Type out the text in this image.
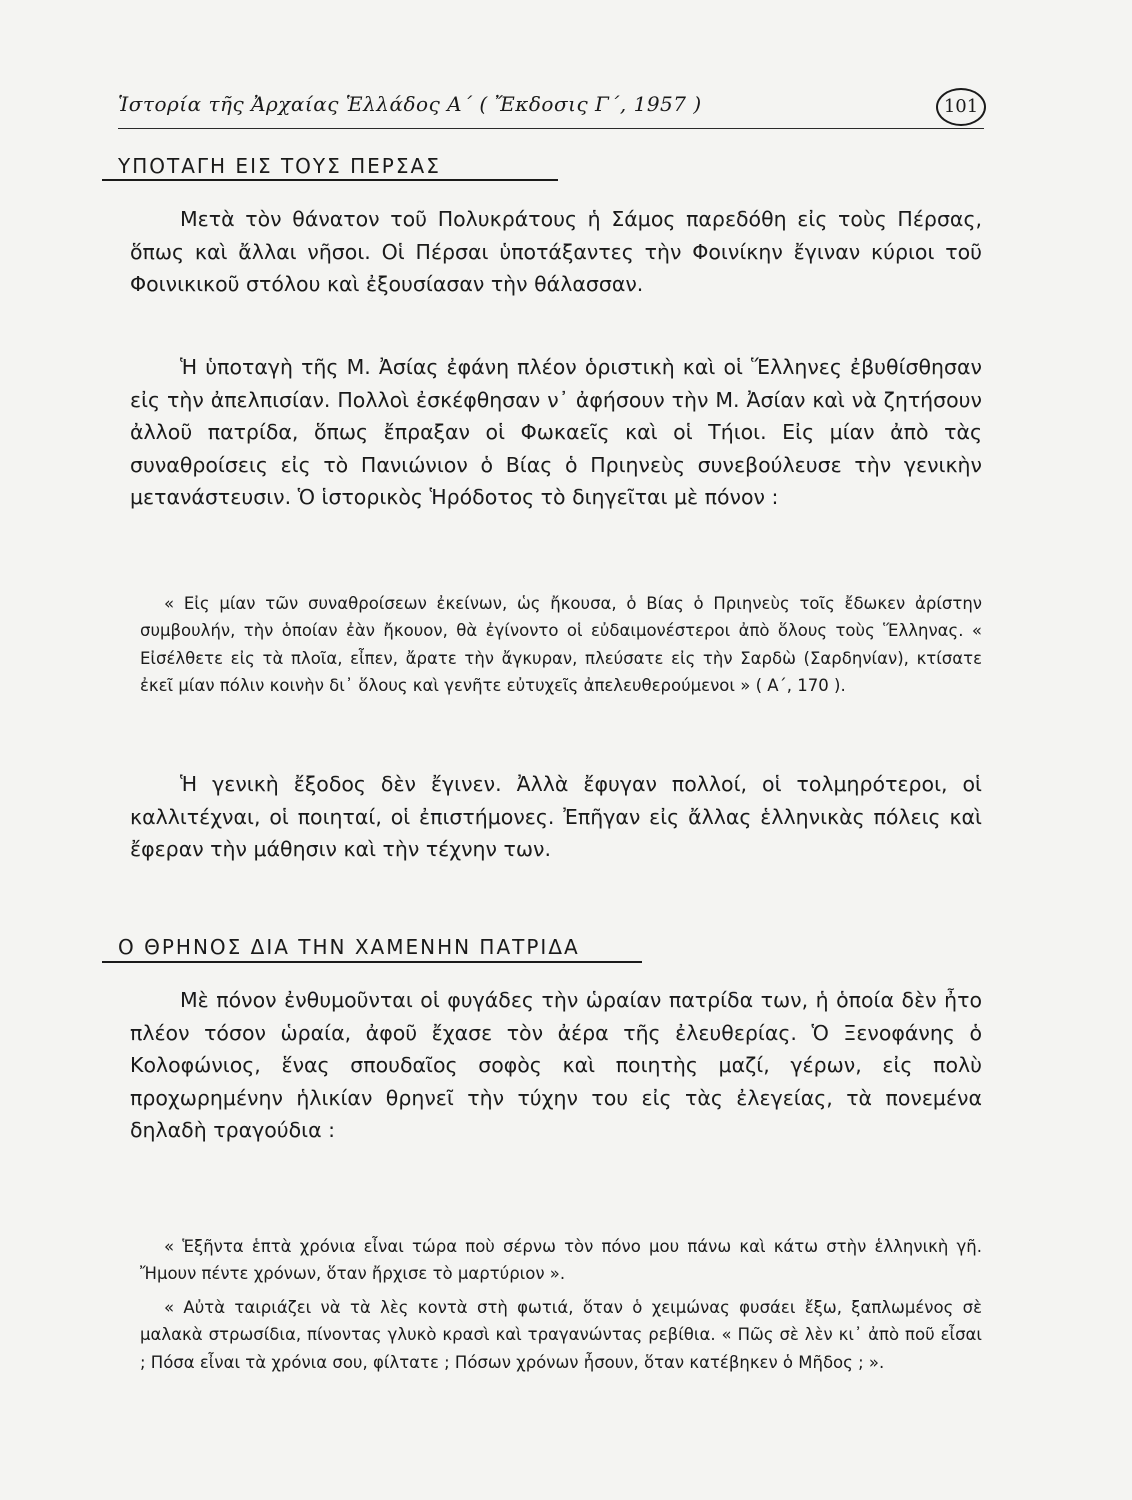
Ἱστορία τῆς Ἀρχαίας Ἑλλάδος Α´ ( Ἔκδοσις Γ´, 1957 )	101
ΥΠΟΤΑΓΗ ΕΙΣ ΤΟΥΣ ΠΕΡΣΑΣ

Μετὰ τὸν θάνατον τοῦ Πολυκράτους ἡ Σάμος παρεδόθη εἰς τοὺς Πέρσας, ὅπως καὶ ἄλλαι νῆσοι. Οἱ Πέρσαι ὑποτάξαντες τὴν Φοινίκην ἔγιναν κύριοι τοῦ Φοινικικοῦ στόλου καὶ ἐξουσίασαν τὴν θάλασσαν.

Ἡ ὑποταγὴ τῆς Μ. Ἀσίας ἐφάνη πλέον ὁριστικὴ καὶ οἱ Ἕλληνες ἐβυθίσθησαν εἰς τὴν ἀπελπισίαν. Πολλοὶ ἐσκέφθησαν ν᾽ ἀφήσουν τὴν Μ. Ἀσίαν καὶ νὰ ζητήσουν ἀλλοῦ πατρίδα, ὅπως ἔπραξαν οἱ Φωκαεῖς καὶ οἱ Τήιοι. Εἰς μίαν ἀπὸ τὰς συναθροίσεις εἰς τὸ Πανιώνιον ὁ Βίας ὁ Πριηνεὺς συνεβούλευσε τὴν γενικὴν μετανάστευσιν. Ὁ ἱστορικὸς Ἡρόδοτος τὸ διηγεῖται μὲ πόνον :

« Εἰς μίαν τῶν συναθροίσεων ἐκείνων, ὡς ἤκουσα, ὁ Βίας ὁ Πριηνεὺς τοῖς ἔδωκεν ἀρίστην συμβουλήν, τὴν ὁποίαν ἐὰν ἤκουον, θὰ ἐγίνοντο οἱ εὐδαιμονέστεροι ἀπὸ ὅλους τοὺς Ἕλληνας. « Εἰσέλθετε εἰς τὰ πλοῖα, εἶπεν, ἄρατε τὴν ἄγκυραν, πλεύσατε εἰς τὴν Σαρδὼ (Σαρδηνίαν), κτίσατε ἐκεῖ μίαν πόλιν κοινὴν δι᾽ ὅλους καὶ γενῆτε εὐτυχεῖς ἀπελευθερούμενοι » ( Α´, 170 ).

Ἡ γενικὴ ἔξοδος δὲν ἔγινεν. Ἀλλὰ ἔφυγαν πολλοί, οἱ τολμηρότεροι, οἱ καλλιτέχναι, οἱ ποιηταί, οἱ ἐπιστήμονες. Ἐπῆγαν εἰς ἄλλας ἑλληνικὰς πόλεις καὶ ἔφεραν τὴν μάθησιν καὶ τὴν τέχνην των.

Ο ΘΡΗΝΟΣ ΔΙΑ ΤΗΝ ΧΑΜΕΝΗΝ ΠΑΤΡΙΔΑ

Μὲ πόνον ἐνθυμοῦνται οἱ φυγάδες τὴν ὡραίαν πατρίδα των, ἡ ὁποία δὲν ἦτο πλέον τόσον ὡραία, ἀφοῦ ἔχασε τὸν ἀέρα τῆς ἐλευθερίας. Ὁ Ξενοφάνης ὁ Κολοφώνιος, ἕνας σπουδαῖος σοφὸς καὶ ποιητὴς μαζί, γέρων, εἰς πολὺ προχωρημένην ἡλικίαν θρηνεῖ τὴν τύχην του εἰς τὰς ἐλεγείας, τὰ πονεμένα δηλαδὴ τραγούδια :

« Ἑξῆντα ἑπτὰ χρόνια εἶναι τώρα ποὺ σέρνω τὸν πόνο μου πάνω καὶ κάτω στὴν ἑλληνικὴ γῆ. Ἤμουν πέντε χρόνων, ὅταν ἤρχισε τὸ μαρτύριον ».

« Αὐτὰ ταιριάζει νὰ τὰ λὲς κοντὰ στὴ φωτιά, ὅταν ὁ χειμώνας φυσάει ἔξω, ξαπλωμένος σὲ μαλακὰ στρωσίδια, πίνοντας γλυκὸ κρασὶ καὶ τραγανώντας ρεβίθια. « Πῶς σὲ λὲν κι᾽ ἀπὸ ποῦ εἶσαι ; Πόσα εἶναι τὰ χρόνια σου, φίλτατε ; Πόσων χρόνων ἦσουν, ὅταν κατέβηκεν ὁ Μῆδος ; ».
